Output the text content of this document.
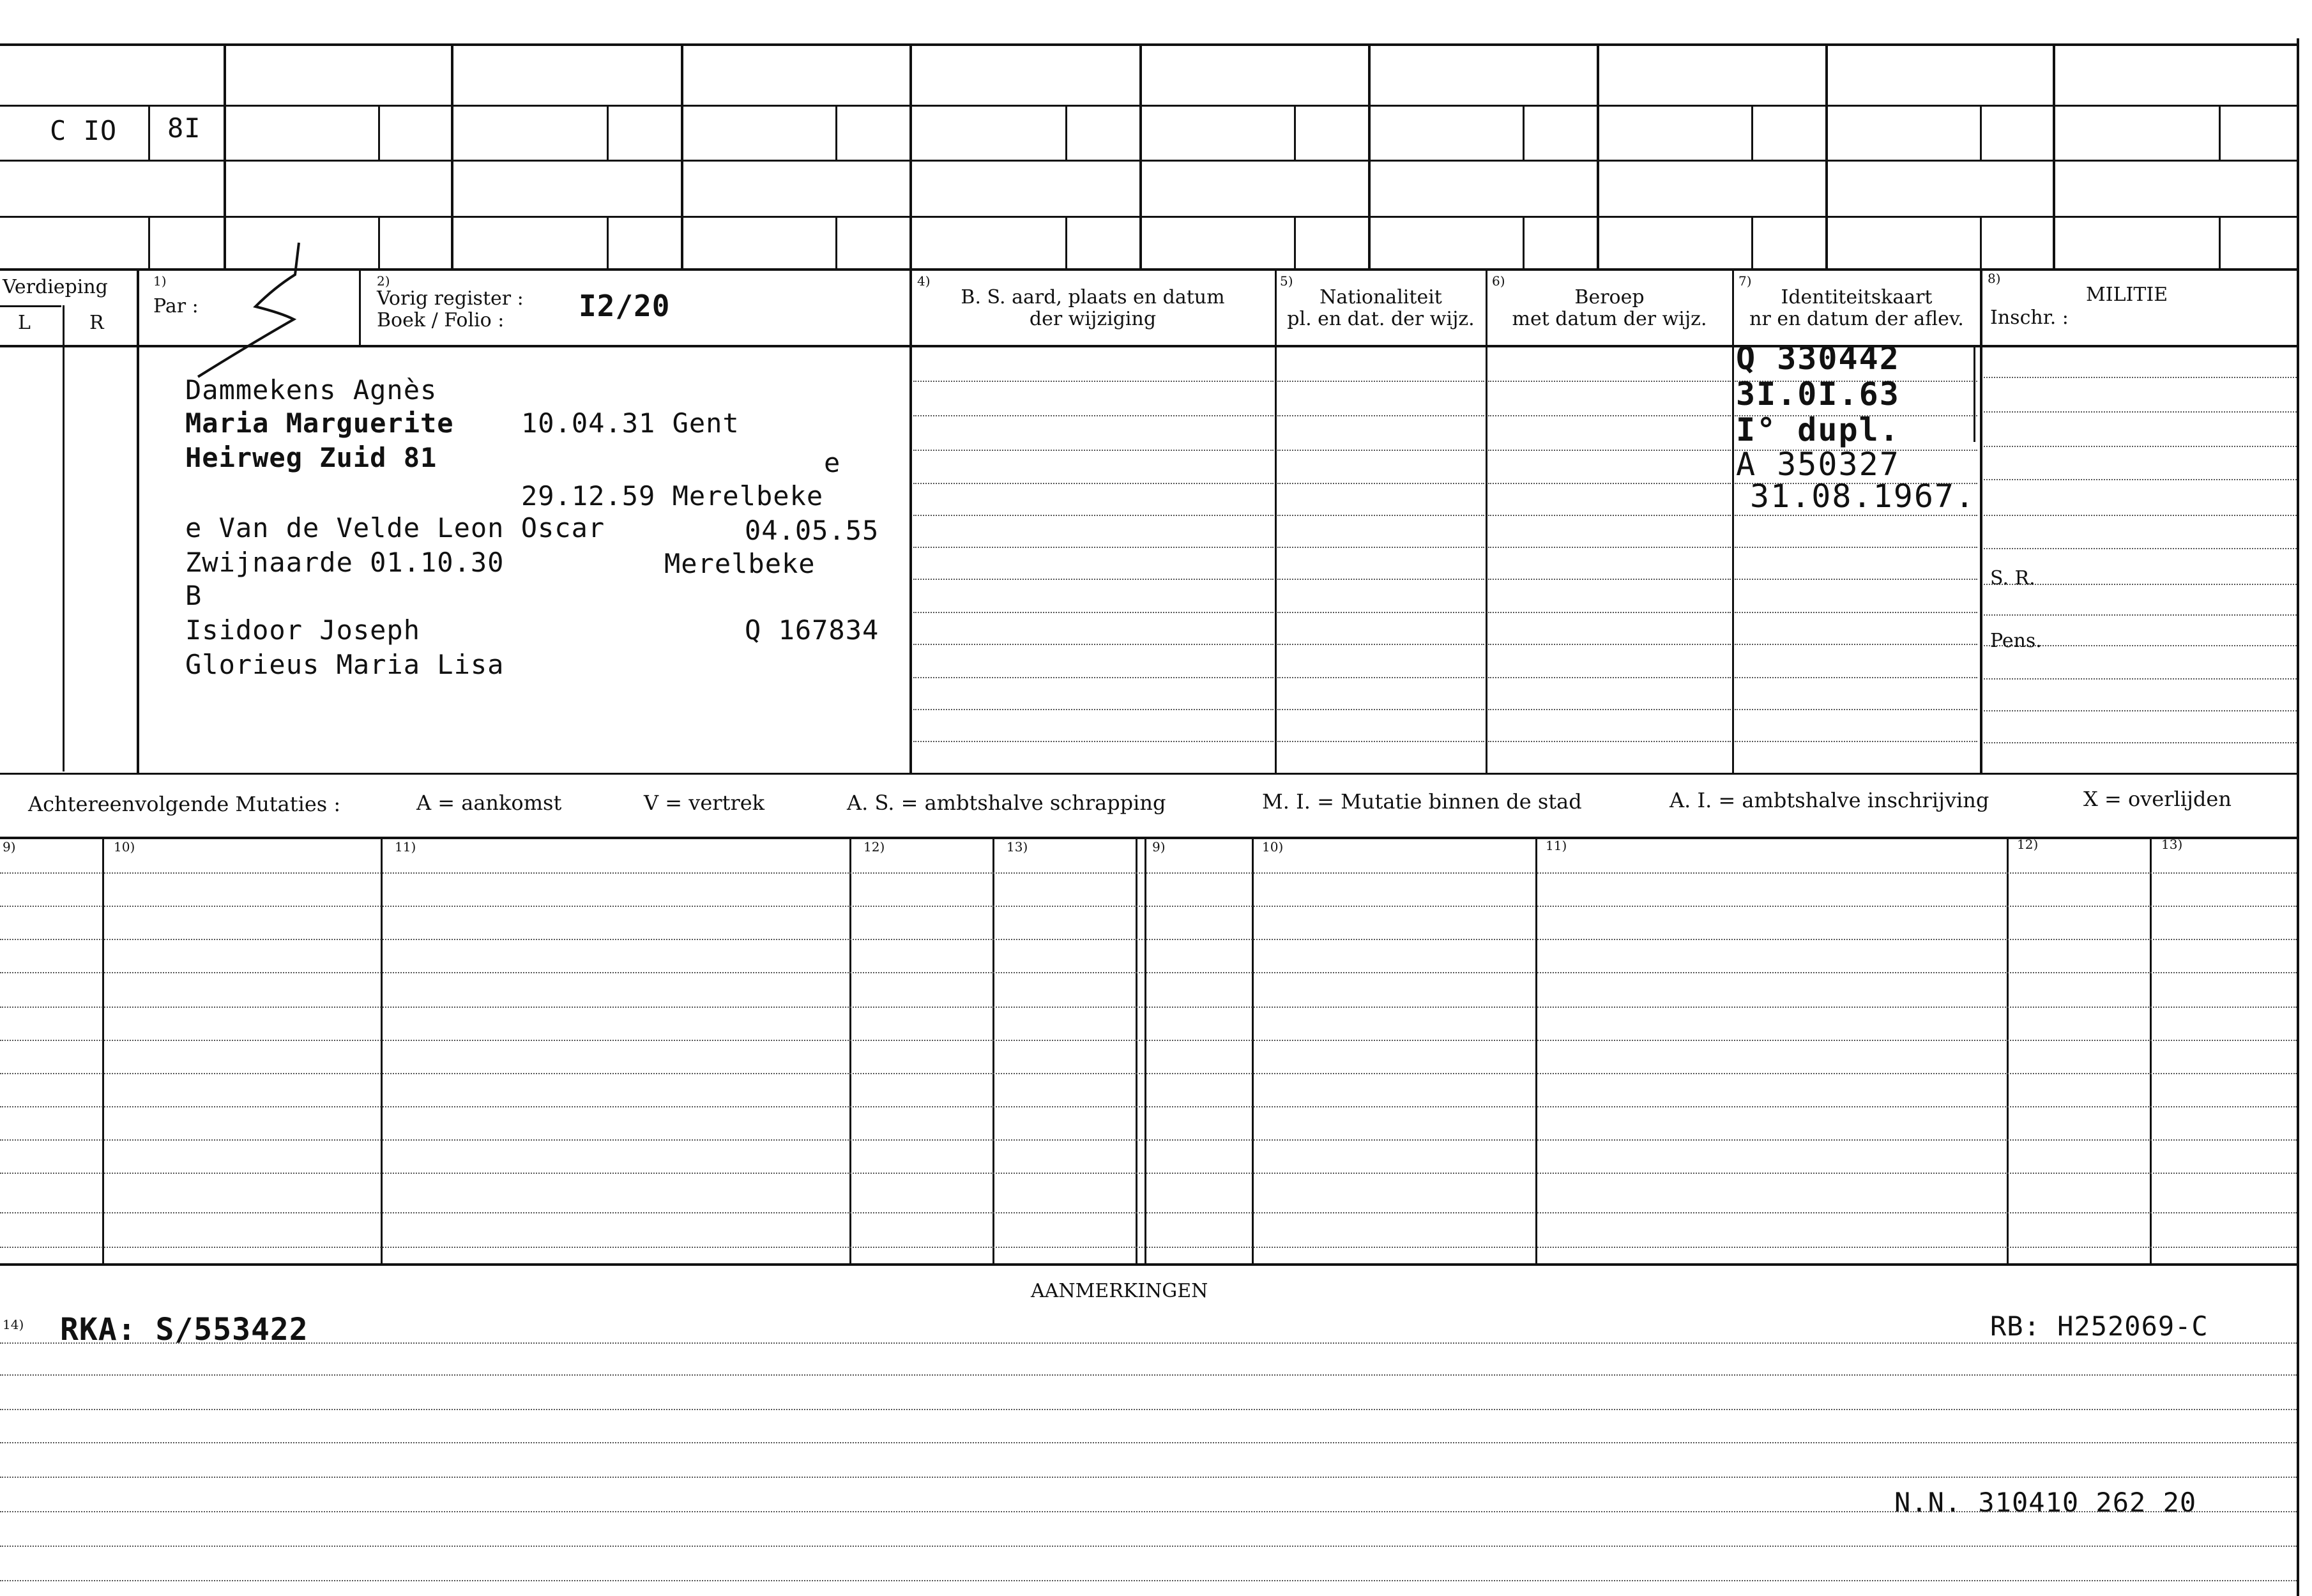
C IO 8I
Verdieping
L	R
1)
Par :
2)
Vorig register :
Boek / Folio :	I2/20
4)
B. S. aard, plaats en datum
der wijziging
5)
Nationaliteit
pl. en dat. der wijz.
6)
Beroep
met datum der wijz.
7)
Identiteitskaart
nr en datum der aflev.
8)
MILITIE
Inschr. :
Dammekens Agnès
Maria Marguerite	10.04.31 Gent
Heirweg Zuid 81	e
29.12.59 Merelbeke
e Van de Velde Leon Oscar	04.05.55
Zwijnaarde 01.10.30	Merelbeke
B
Isidoor Joseph	Q 167834
Glorieus Maria Lisa
Q 330442
3I.0I.63
I° dupl.
A 350327
31.08.1967.
S. R.
Pens.
Achtereenvolgende Mutaties :	A = aankomst	V = vertrek	A. S. = ambtshalve schrapping	M. I. = Mutatie binnen de stad	A. I. = ambtshalve inschrijving	X = overlijden
9)	10)	11)	12)	13)	9)	10)	11)	12)	13)
AANMERKINGEN
14) RKA: S/553422	RB: H252069-C
N.N. 310410 262 20
